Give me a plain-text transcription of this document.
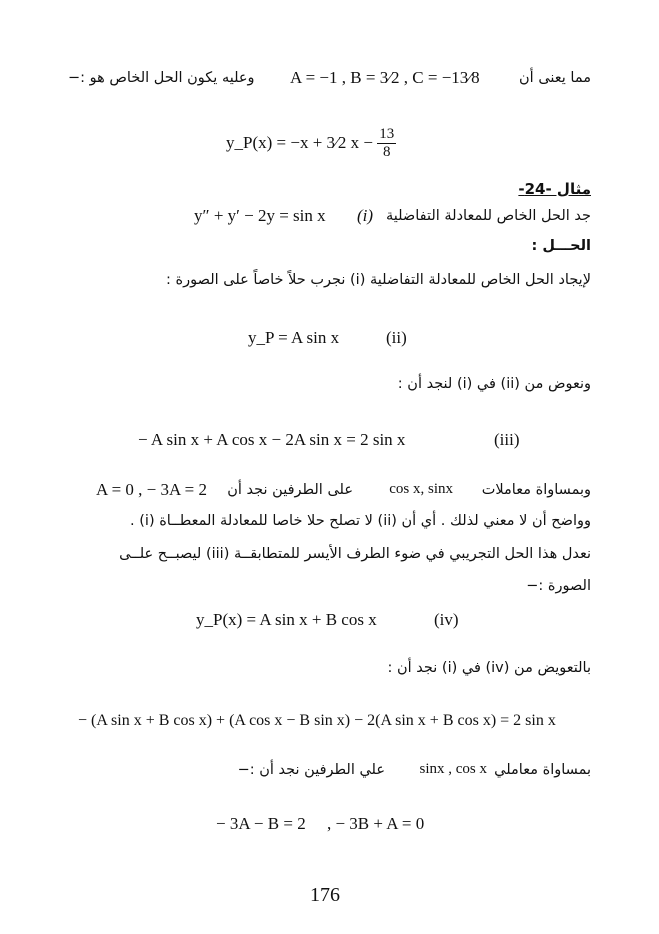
مما يعنى أن
A = −1 , B = 3⁄2 , C = −13⁄8
وعليه يكون الحل الخاص هو :−
y_P(x) = −x + 3⁄2 $x - \frac{13}{8}$
مثال -24-
جد الحل الخاص للمعادلة التفاضلية
(i)
y″ + y′ − 2y = sin x
الحـــل :
لإيجاد الحل الخاص للمعادلة التفاضلية (i) نجرب حلاً خاصاً على الصورة :
y_P = A sin x	(ii)
ونعوض من (ii) في (i) لنجد أن :
− A sin x + A cos x − 2A sin x = 2 sin x	(iii)
وبمساواة معاملات
cos x, sinx
على الطرفين نجد أن
A = 0 , − 3A = 2
وواضح أن لا معني لذلك . أي أن (ii) لا تصلح حلا خاصا للمعادلة المعطــاة (i) .
نعدل هذا الحل التجريبي في ضوء الطرف الأيسر للمتطابقــة (iii) ليصبــح علــى
الصورة :−
y_P(x) = A sin x + B cos x	(iv)
بالتعويض من (iv) في (i) نجد أن :
− (A sin x + B cos x) + (A cos x − B sin x) − 2(A sin x + B cos x) = 2 sin x
بمساواة معاملي
sinx , cos x
علي الطرفين نجد أن :−
− 3A − B = 2     , − 3B + A = 0
176
